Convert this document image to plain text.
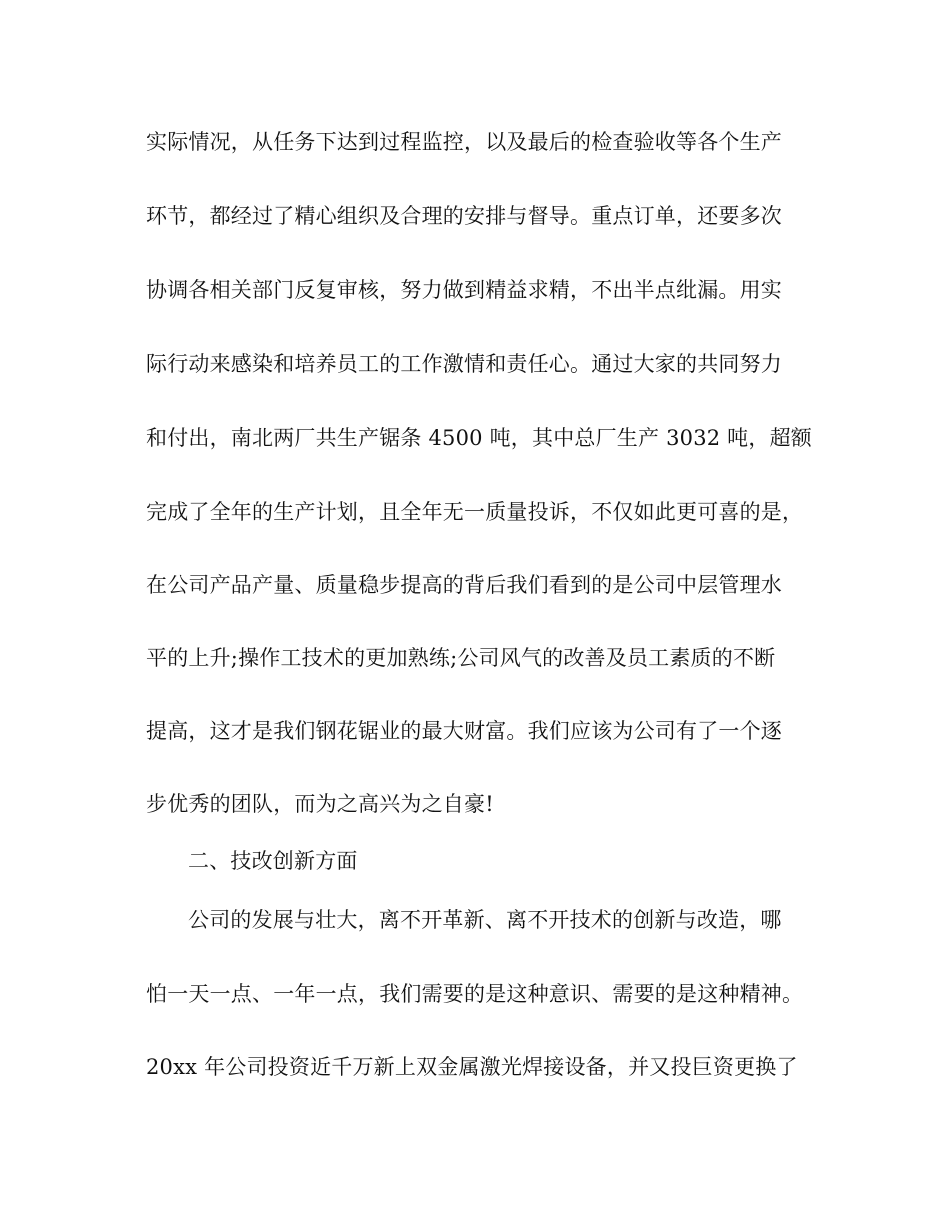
实际情况，从任务下达到过程监控，以及最后的检查验收等各个生产
环节，都经过了精心组织及合理的安排与督导。重点订单，还要多次
协调各相关部门反复审核，努力做到精益求精，不出半点纰漏。用实
际行动来感染和培养员工的工作激情和责任心。通过大家的共同努力
和付出，南北两厂共生产锯条 4500 吨，其中总厂生产 3032 吨，超额
完成了全年的生产计划，且全年无一质量投诉，不仅如此更可喜的是，
在公司产品产量、质量稳步提高的背后我们看到的是公司中层管理水
平的上升;操作工技术的更加熟练;公司风气的改善及员工素质的不断
提高，这才是我们钢花锯业的最大财富。我们应该为公司有了一个逐
步优秀的团队，而为之高兴为之自豪!
二、技改创新方面
公司的发展与壮大，离不开革新、离不开技术的创新与改造，哪
怕一天一点、一年一点，我们需要的是这种意识、需要的是这种精神。
20xx 年公司投资近千万新上双金属激光焊接设备，并又投巨资更换了
